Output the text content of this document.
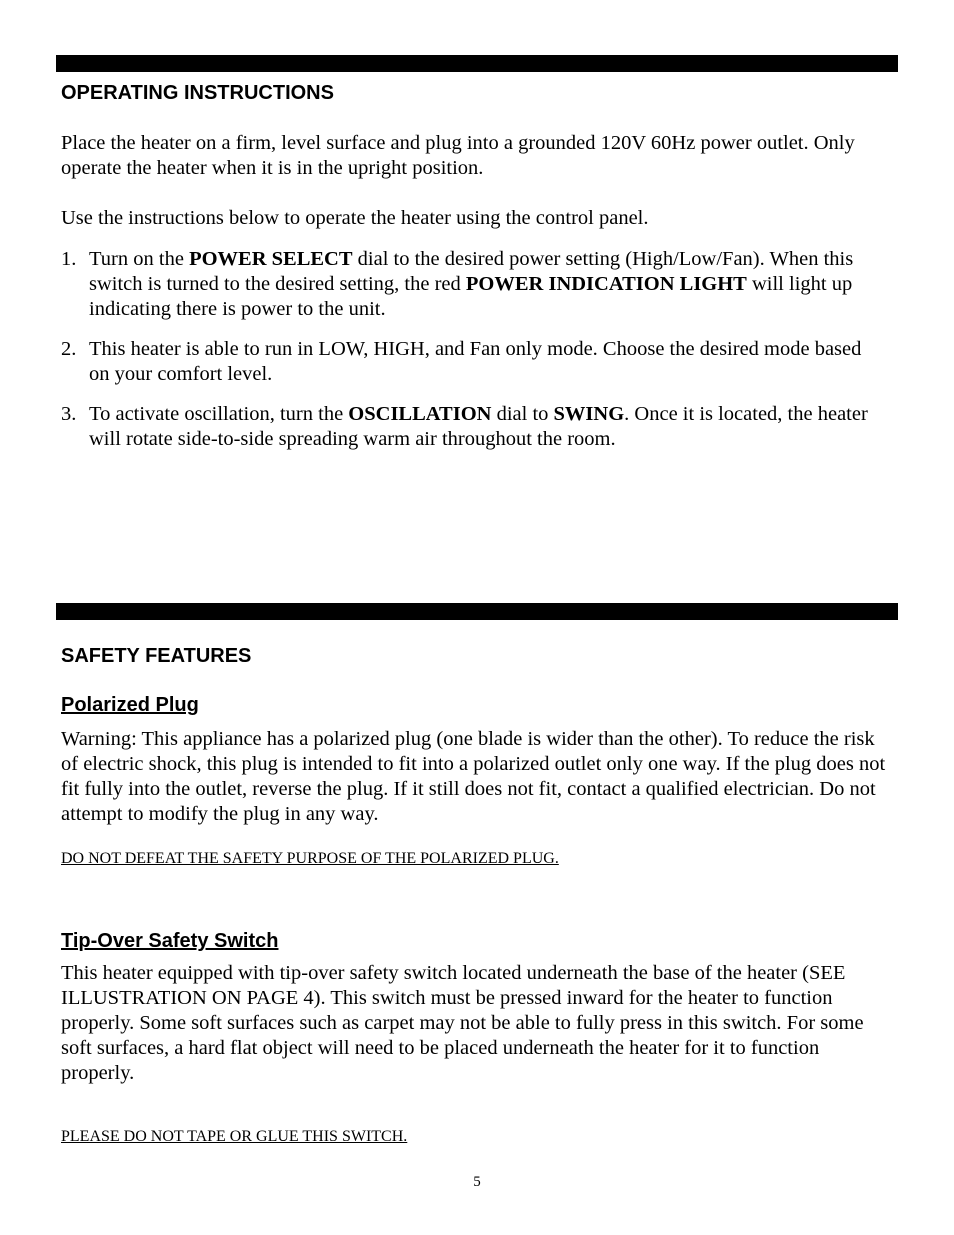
OPERATING INSTRUCTIONS

Place the heater on a firm, level surface and plug into a grounded 120V 60Hz power outlet. Only operate the heater when it is in the upright position.

Use the instructions below to operate the heater using the control panel.

1. Turn on the POWER SELECT dial to the desired power setting (High/Low/Fan). When this switch is turned to the desired setting, the red POWER INDICATION LIGHT will light up indicating there is power to the unit.
2. This heater is able to run in LOW, HIGH, and Fan only mode. Choose the desired mode based on your comfort level.
3. To activate oscillation, turn the OSCILLATION dial to SWING. Once it is located, the heater will rotate side-to-side spreading warm air throughout the room.
SAFETY FEATURES
Polarized Plug

Warning: This appliance has a polarized plug (one blade is wider than the other). To reduce the risk of electric shock, this plug is intended to fit into a polarized outlet only one way. If the plug does not fit fully into the outlet, reverse the plug. If it still does not fit, contact a qualified electrician. Do not attempt to modify the plug in any way.

DO NOT DEFEAT THE SAFETY PURPOSE OF THE POLARIZED PLUG.

Tip-Over Safety Switch

This heater equipped with tip-over safety switch located underneath the base of the heater (SEE ILLUSTRATION ON PAGE 4). This switch must be pressed inward for the heater to function properly. Some soft surfaces such as carpet may not be able to fully press in this switch. For some soft surfaces, a hard flat object will need to be placed underneath the heater for it to function properly.

PLEASE DO NOT TAPE OR GLUE THIS SWITCH.

5
